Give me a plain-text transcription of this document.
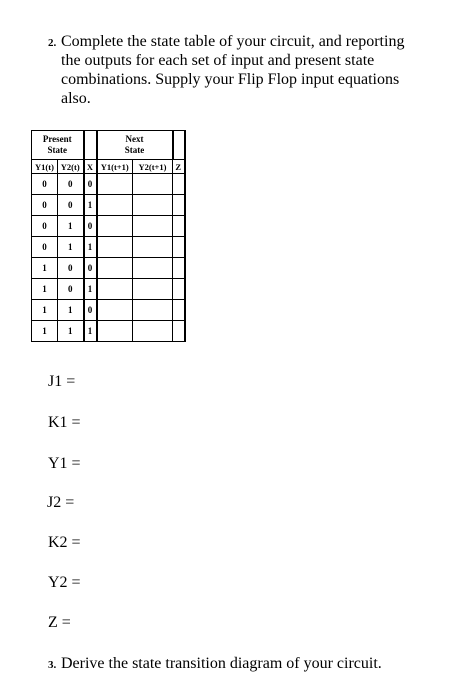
2. Complete the state table of your circuit, and reporting
the outputs for each set of input and present state
combinations. Supply your Flip Flop input equations
also.
Present
State			Next
State		
Y1(t)	Y2(t)	X	Y1(t+1)	Y2(t+1)	Z
0	0	0			
0	0	1			
0	1	0			
0	1	1			
1	0	0			
1	0	1			
1	1	0			
1	1	1			
J1 =
K1 =
Y1 =
J2 =
K2 =
Y2 =
Z =
3. Derive the state transition diagram of your circuit.
